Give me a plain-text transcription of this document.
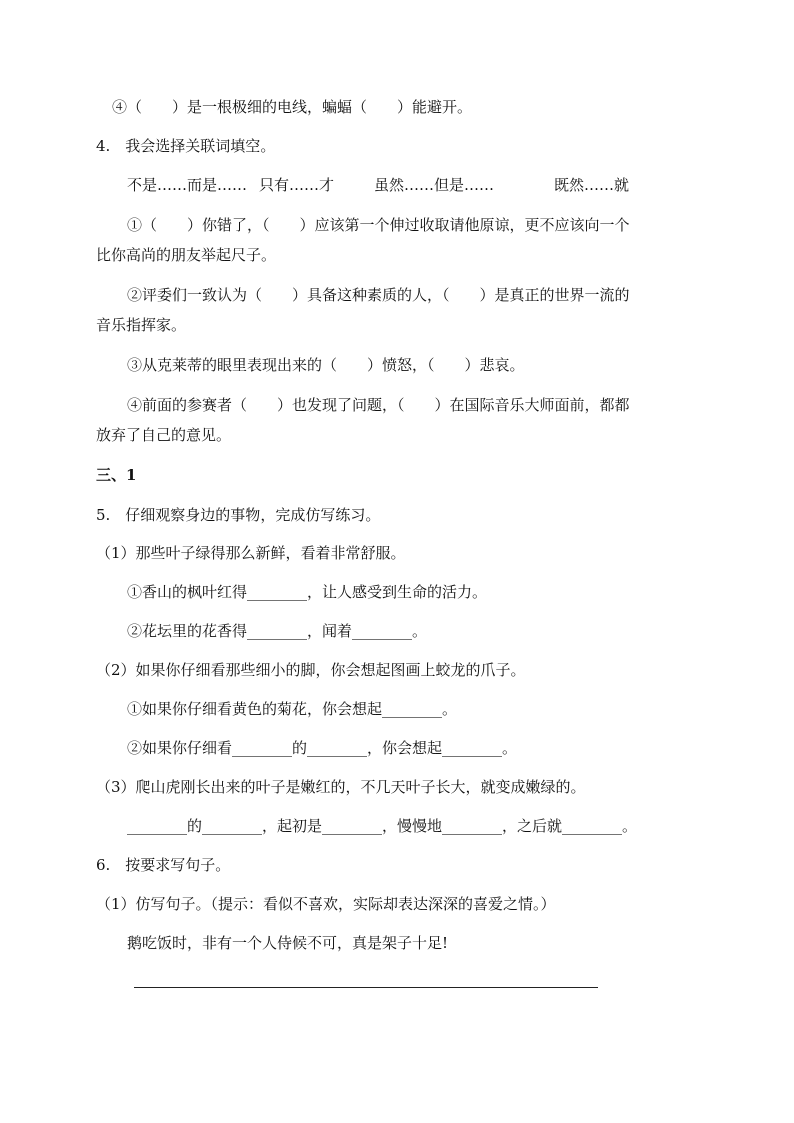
④（　　）是一根极细的电线，蝙蝠（　　）能避开。
4.　我会选择关联词填空。
不是……而是…… 只有……才	虽然……但是……	既然……就
①（　　）你错了，（　　）应该第一个伸过收取请他原谅，更不应该向一个
比你高尚的朋友举起尺子。
②评委们一致认为（　　）具备这种素质的人，（　　）是真正的世界一流的
音乐指挥家。
③从克莱蒂的眼里表现出来的（　　）愤怒，（　　）悲哀。
④前面的参赛者（　　）也发现了问题，（　　）在国际音乐大师面前，都都
放弃了自己的意见。
三、1
5.　仔细观察身边的事物，完成仿写练习。
（1）那些叶子绿得那么新鲜，看着非常舒服。
①香山的枫叶红得________，让人感受到生命的活力。
②花坛里的花香得________，闻着________。
（2）如果你仔细看那些细小的脚，你会想起图画上蛟龙的爪子。
①如果你仔细看黄色的菊花，你会想起________。
②如果你仔细看________的________，你会想起________。
（3）爬山虎刚长出来的叶子是嫩红的，不几天叶子长大，就变成嫩绿的。
________的________，起初是________，慢慢地________，之后就________。
6.　按要求写句子。
（1）仿写句子。（提示：看似不喜欢，实际却表达深深的喜爱之情。）
鹅吃饭时，非有一个人侍候不可，真是架子十足!
